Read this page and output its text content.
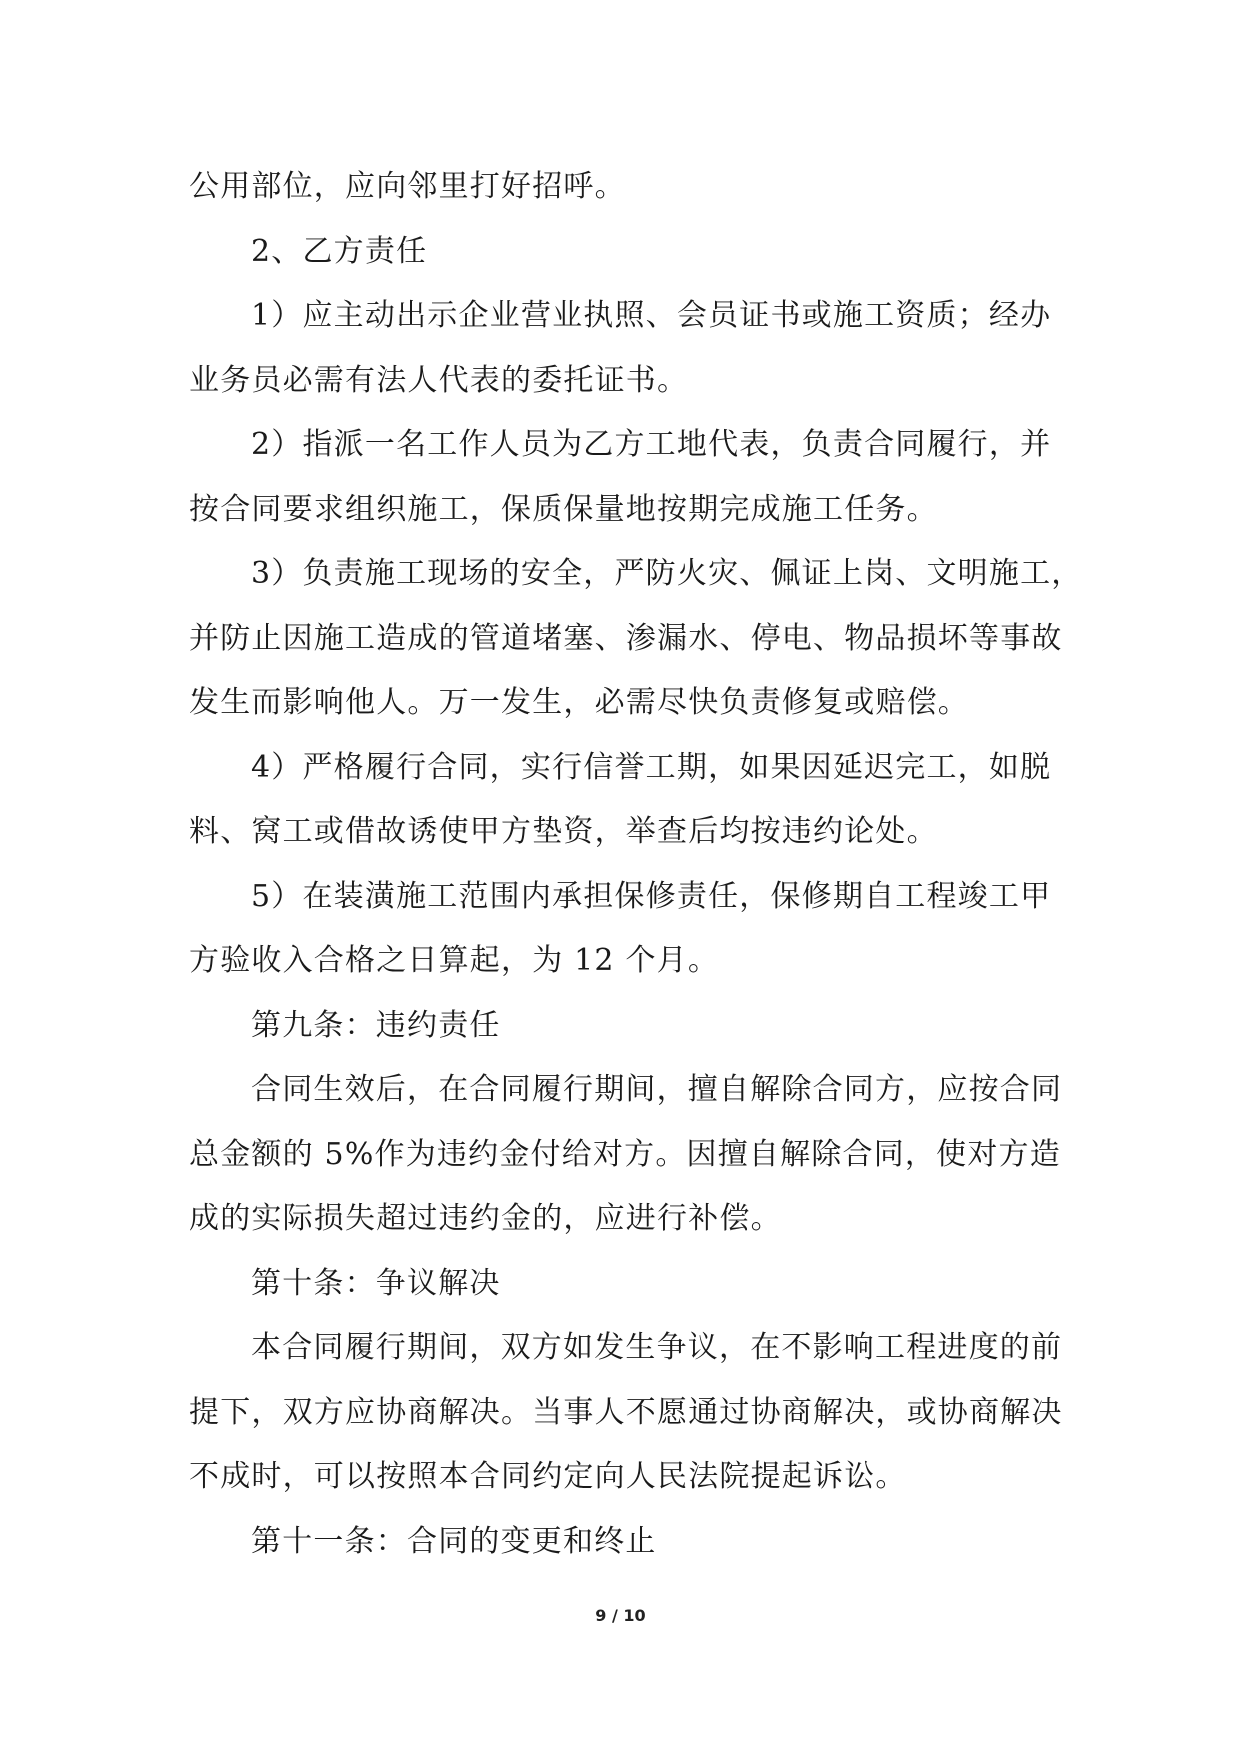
公用部位，应向邻里打好招呼。
2、乙方责任
1）应主动出示企业营业执照、会员证书或施工资质；经办
业务员必需有法人代表的委托证书。
2）指派一名工作人员为乙方工地代表，负责合同履行，并
按合同要求组织施工，保质保量地按期完成施工任务。
3）负责施工现场的安全，严防火灾、佩证上岗、文明施工，
并防止因施工造成的管道堵塞、渗漏水、停电、物品损坏等事故
发生而影响他人。万一发生，必需尽快负责修复或赔偿。
4）严格履行合同，实行信誉工期，如果因延迟完工，如脱
料、窝工或借故诱使甲方垫资，举查后均按违约论处。
5）在装潢施工范围内承担保修责任，保修期自工程竣工甲
方验收入合格之日算起，为 12 个月。
第九条：违约责任
合同生效后，在合同履行期间，擅自解除合同方，应按合同
总金额的 5%作为违约金付给对方。因擅自解除合同，使对方造
成的实际损失超过违约金的，应进行补偿。
第十条：争议解决
本合同履行期间，双方如发生争议，在不影响工程进度的前
提下，双方应协商解决。当事人不愿通过协商解决，或协商解决
不成时，可以按照本合同约定向人民法院提起诉讼。
第十一条：合同的变更和终止
9 / 10
